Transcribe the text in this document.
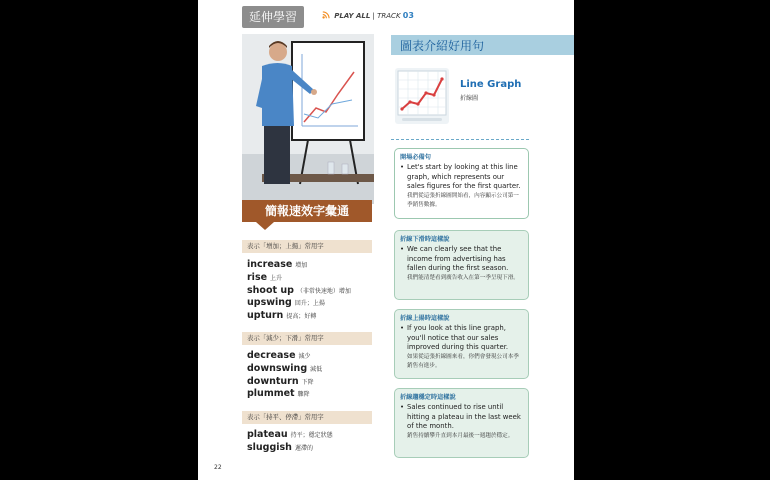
延伸學習	PLAY ALL | TRACK 03
簡報速效字彙通
表示「增加；上揚」常用字
increase 增加
rise 上升
shoot up （非常快速地）增加
upswing 回升；上揚
upturn 提高；好轉
表示「減少；下滑」常用字
decrease 減少
downswing 減低
downturn 下降
plummet 驟降
表示「持平、停滯」常用字
plateau 持平；穩定狀態
sluggish 遲滯的
22
圖表介紹好用句
Line Graph
折線圖
開場必備句
• Let's start by looking at this line graph, which represents our sales figures for the first quarter.
我們從這張折線圖開始看，內容顯示公司第一季銷售數據。
折線下滑時這樣說
• We can clearly see that the income from advertising has fallen during the first season.
我們能清楚看到廣告收入在第一季呈現下滑。
折線上揚時這樣說
• If you look at this line graph, you'll notice that our sales improved during this quarter.
如果從這張折線圖來看，你們會發現公司本季銷售有進步。
折線趨穩定時這樣說
• Sales continued to rise until hitting a plateau in the last week of the month.
銷售持續攀升直到本月最後一週趨於穩定。
